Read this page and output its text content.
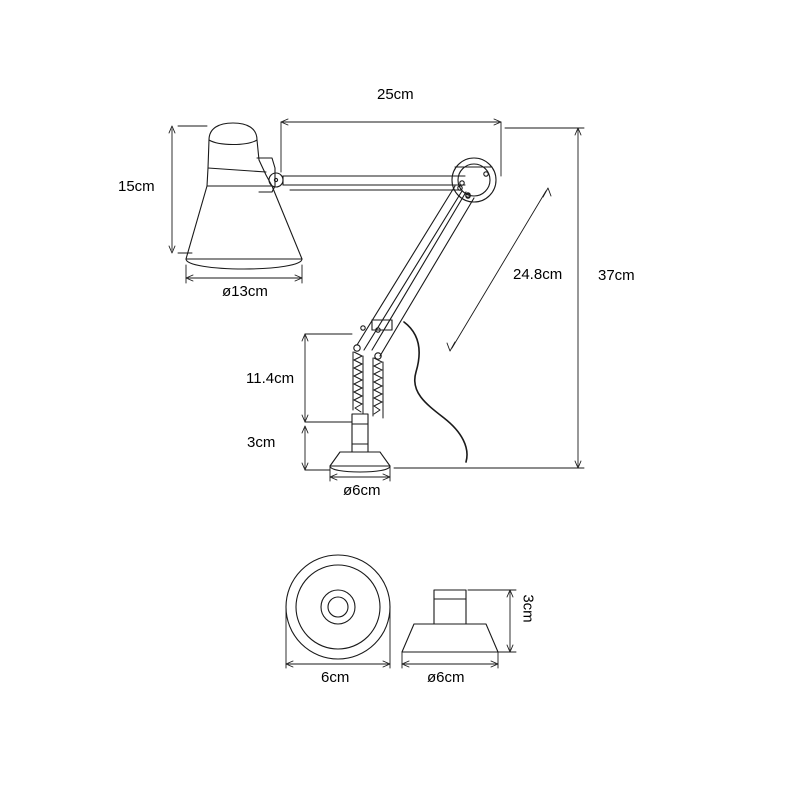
15cm
ø13cm
25cm
24.8cm 37cm
11.4cm
3cm
ø6cm
6cm	ø6cm
3cm
